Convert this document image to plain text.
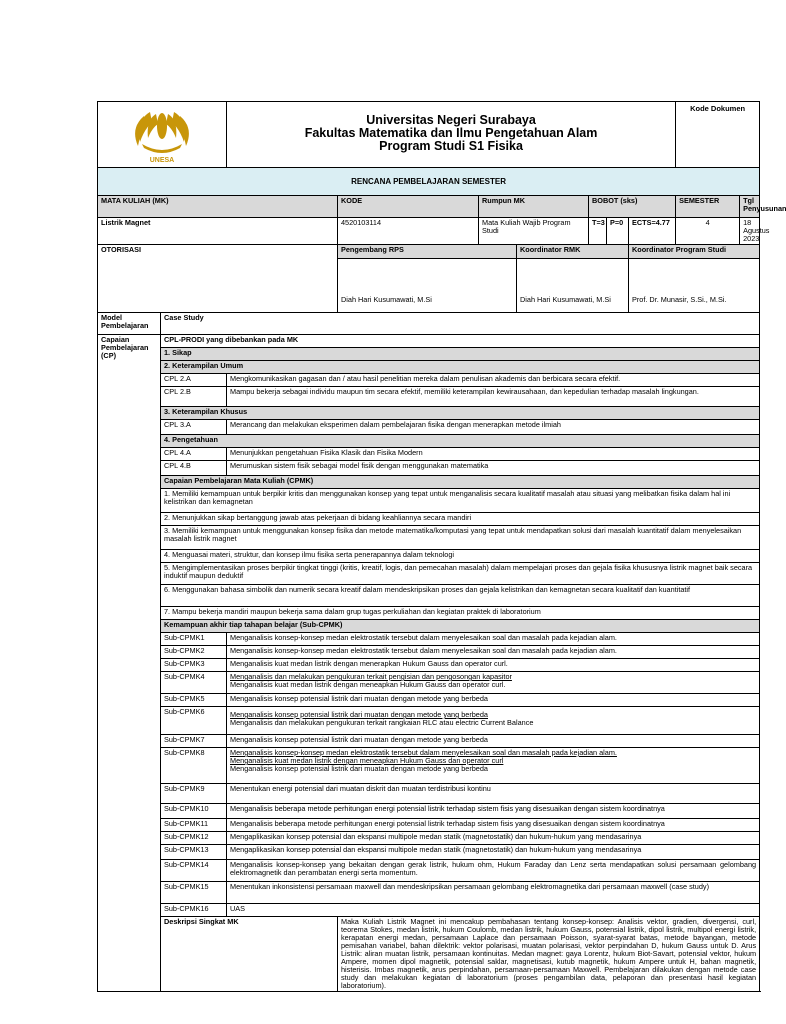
UNESA		Universitas Negeri Surabaya
Fakultas Matematika dan Ilmu Pengetahuan Alam
Program Studi S1 Fisika							Kode Dokumen	
RENCANA PEMBELAJARAN SEMESTER										
MATA KULIAH (MK)			KODE	Rumpun MK		BOBOT (sks)			SEMESTER	Tgl Penyusunan
Listrik Magnet			4520103114	Mata Kuliah Wajib Program Studi		T=3	P=0	ECTS=4.77	4	18 Agustus 2023
OTORISASI			Pengembang RPS		Koordinator RMK			Koordinator Program Studi		
			Diah Hari Kusumawati, M.Si		Diah Hari Kusumawati, M.Si			Prof. Dr. Munasir, S.Si., M.Si.		
Model Pembelajaran	Case Study									
Capaian Pembelajaran (CP)	CPL-PRODI yang dibebankan pada MK									
	1. Sikap									
	2. Keterampilan Umum									
	CPL 2.A	Mengkomunikasikan gagasan dan / atau hasil penelitian mereka dalam penulisan akademis dan berbicara secara efektif.								
	CPL 2.B	Mampu bekerja sebagai individu maupun tim secara efektif, memiliki keterampilan kewirausahaan, dan kepedulian terhadap masalah lingkungan.								
	3. Keterampilan Khusus									
	CPL 3.A	Merancang dan melakukan eksperimen dalam pembelajaran fisika dengan menerapkan metode ilmiah								
	4. Pengetahuan									
	CPL 4.A	Menunjukkan pengetahuan Fisika Klasik dan Fisika Modern								
	CPL 4.B	Merumuskan sistem fisik sebagai model fisik dengan menggunakan matematika								
	Capaian Pembelajaran Mata Kuliah (CPMK)									
	1. Memiliki kemampuan untuk berpikir kritis dan menggunakan konsep yang tepat untuk menganalisis secara kualitatif masalah atau situasi yang melibatkan fisika dalam hal ini kelistrikan dan kemagnetan									
	2. Menunjukkan sikap bertanggung jawab atas pekerjaan di bidang keahliannya secara mandiri									
	3. Memiliki kemampuan untuk menggunakan konsep fisika dan metode matematika/komputasi yang tepat untuk mendapatkan solusi dari masalah kuantitatif dalam menyelesaikan masalah listrik magnet									
	4. Menguasai materi, struktur, dan konsep ilmu fisika serta penerapannya dalam teknologi									
	5. Mengimplementasikan proses berpikir tingkat tinggi (kritis, kreatif, logis, dan pemecahan masalah) dalam mempelajari proses dan gejala fisika khususnya listrik magnet baik secara induktif maupun deduktif									
	6. Menggunakan bahasa simbolik dan numerik secara kreatif dalam mendeskripsikan proses dan gejala kelistrikan dan kemagnetan secara kualitatif dan kuantitatif									
	7. Mampu bekerja mandiri maupun bekerja sama dalam grup tugas perkuliahan dan kegiatan praktek di laboratorium									
	Kemampuan akhir tiap tahapan belajar (Sub-CPMK)									
	Sub-CPMK1	Menganalisis konsep-konsep medan elektrostatik tersebut dalam menyelesaikan soal dan masalah pada kejadian alam.								
	Sub-CPMK2	Menganalisis konsep-konsep medan elektrostatik tersebut dalam menyelesaikan soal dan masalah pada kejadian alam.								
	Sub-CPMK3	Menganalisis kuat medan listrik dengan menerapkan Hukum Gauss dan operator curl.								
	Sub-CPMK4	Menganalisis dan melakukan pengukuran terkait pengisian dan pengosongan kapasitor
Menganalisis kuat medan listrik dengan meneapkan Hukum Gauss dan operator curl.								

	Sub-CPMK5	Menganalisis konsep potensial listrik dari muatan dengan metode yang berbeda								
	Sub-CPMK6	Menganalisis konsep potensial listrik dari muatan dengan metode yang berbeda
Menganalisis dan melakukan pengukuran terkait rangkaian RLC atau electric Current Balance								

	Sub-CPMK7	Menganalisis konsep potensial listrik dari muatan dengan metode yang berbeda								
	Sub-CPMK8	Menganalisis konsep-konsep medan elektrostatik tersebut dalam menyelesaikan soal dan masalah pada kejadian alam.
Menganalisis kuat medan listrik dengan meneapkan Hukum Gauss dan operator curl
Menganalisis konsep potensial listrik dari muatan dengan metode yang berbeda								

	Sub-CPMK9	Menentukan energi potensial dari muatan diskrit dan muatan terdistribusi kontinu								
	Sub-CPMK10	Menganalisis beberapa metode perhitungan energi potensial listrik terhadap sistem fisis yang disesuaikan dengan sistem koordinatnya								
	Sub-CPMK11	Menganalisis beberapa metode perhitungan energi potensial listrik terhadap sistem fisis yang disesuaikan dengan sistem koordinatnya								
	Sub-CPMK12	Mengaplikasikan konsep potensial dan ekspansi multipole medan statik (magnetostatik) dan hukum-hukum yang mendasarinya								
	Sub-CPMK13	Mengaplikasikan konsep potensial dan ekspansi multipole medan statik (magnetostatik) dan hukum-hukum yang mendasarinya								
	Sub-CPMK14	Menganalisis konsep-konsep yang bekaitan dengan gerak listrik, hukum ohm, Hukum Faraday dan Lenz serta mendapatkan solusi persamaan gelombang elektromagnetik dan perambatan energi serta momentum.								
	Sub-CPMK15	Menentukan inkonsistensi persamaan maxwell dan mendeskripsikan persamaan gelombang elektromagnetika dari persamaan maxwell (case study)								
	Sub-CPMK16	UAS								
	Deskripsi Singkat MK		Maka Kuliah Listrik Magnet ini mencakup pembahasan tentang konsep-konsep: Analisis vektor, gradien, divergensi, curl, teorema Stokes, medan listrik, hukum Coulomb, medan listrik, hukum Gauss, potensial listrik, dipol listrik, multipol energi listrik, kerapatan energi medan, persamaan Laplace dan persamaan Poisson, syarat-syarat batas, metode bayangan, metode pemisahan variabel, bahan dilektrik: vektor polarisasi, muatan polarisasi, vektor perpindahan D, hukum Gauss untuk D. Arus Listrik: aliran muatan listrik, persamaan kontinuitas. Medan magnet: gaya Lorentz, hukum Biot-Savart, potensial vektor, hukum Ampere, momen dipol magnetik, potensial saklar, magnetisasi, kutub magnetik, hukum Ampere untuk H, bahan magnetik, histerisis. Imbas magnetik, arus perpindahan, persamaan-persamaan Maxwell. Pembelajaran dilakukan dengan metode case study dan melakukan kegiatan di laboratorium (proses pengambilan data, pelaporan dan presentasi hasil kegiatan laboratorium).							
